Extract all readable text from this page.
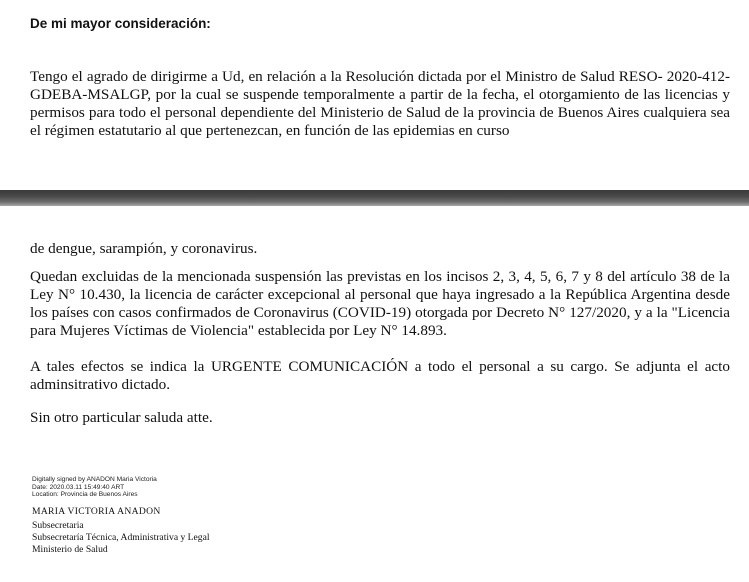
De mi mayor consideración:

Tengo el agrado de dirigirme a Ud, en relación a la Resolución dictada por el Ministro de Salud RESO- 2020-412-GDEBA-MSALGP, por la cual se suspende temporalmente a partir de la fecha, el otorgamiento de las licencias y permisos para todo el personal dependiente del Ministerio de Salud de la provincia de Buenos Aires cualquiera sea el régimen estatutario al que pertenezcan, en función de las epidemias en curso

de dengue, sarampión, y coronavirus.

Quedan excluidas de la mencionada suspensión las previstas en los incisos 2, 3, 4, 5, 6, 7 y 8 del artículo 38 de la Ley N° 10.430, la licencia de carácter excepcional al personal que haya ingresado a la República Argentina desde los países con casos confirmados de Coronavirus (COVID-19) otorgada por Decreto N° 127/2020, y a la "Licencia para Mujeres Víctimas de Violencia" establecida por Ley N° 14.893.

A tales efectos se indica la URGENTE COMUNICACIÓN a todo el personal a su cargo. Se adjunta el acto adminsitrativo dictado.

Sin otro particular saluda atte.

Digitally signed by ANADON Maria Victoria
Date: 2020.03.11 15:49:40 ART
Location: Provincia de Buenos Aires
MARIA VICTORIA ANADON
Subsecretaria
Subsecretaría Técnica, Administrativa y Legal
Ministerio de Salud
